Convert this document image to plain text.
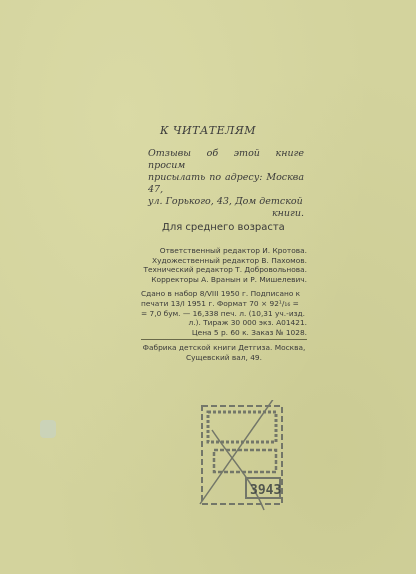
К ЧИТАТЕЛЯМ
Отзывы об этой книге просим
присылать по адресу: Москва 47,
ул. Горького, 43, Дом детской
книги.
Для среднего возраста
Ответственный редактор И. Кротова.
Художественный редактор В. Пахомов.
Технический редактор Т. Добровольнова.
Корректоры А. Вранын и Р. Мишелевич.
Сдано в набор 8/VIII 1950 г. Подписано к
печати 13/I 1951 г. Формат 70 × 92¹/₁₆ =
= 7,0 бум. — 16,338 печ. л. (10,31 уч.-изд.
л.). Тираж 30 000 экз. А01421.
Цена 5 р. 60 к. Заказ № 1028.
Фабрика детской книги Детгиза. Москва,
Сущевский вал, 49.
3943
